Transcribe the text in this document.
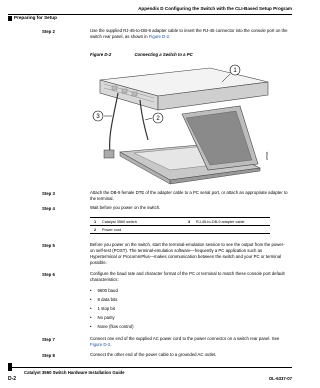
Appendix D Configuring the Switch with the CLI-Based Setup Program
Preparing for Setup
Step 2	Use the supplied RJ-45-to-DB-9 adapter cable to insert the RJ-45 connector into the console port on the switch rear panel, as shown in Figure D-2.
Figure D-2	Connecting a Switch to a PC
1
2
3
97506
Step 3	Attach the DB-9 female DTE of the adapter cable to a PC serial port, or attach an appropriate adapter to the terminal.
Step 4	Wait before you power on the switch.
1	Catalyst 3560 switch	3	RJ-45-to-DB-9 adapter cable
2	Power cord		
Step 5	Before you power on the switch, start the terminal-emulation session to see the output from the power-on self-test (POST). The terminal-emulation software—frequently a PC application such as Hyperterminal or ProcommPlus—makes communication between the switch and your PC or terminal possible.
Step 6	Configure the baud rate and character format of the PC or terminal to match these console port default characteristics:
• 9600 baud
• 8 data bits
• 1 stop bit
• No parity
• None (flow control)
Step 7	Connect one end of the supplied AC power cord to the power connector on a switch rear panel. See Figure D-2.
Step 8	Connect the other end of the power cable to a grounded AC outlet.
Catalyst 3560 Switch Hardware Installation Guide
D-2	OL-6337-07
